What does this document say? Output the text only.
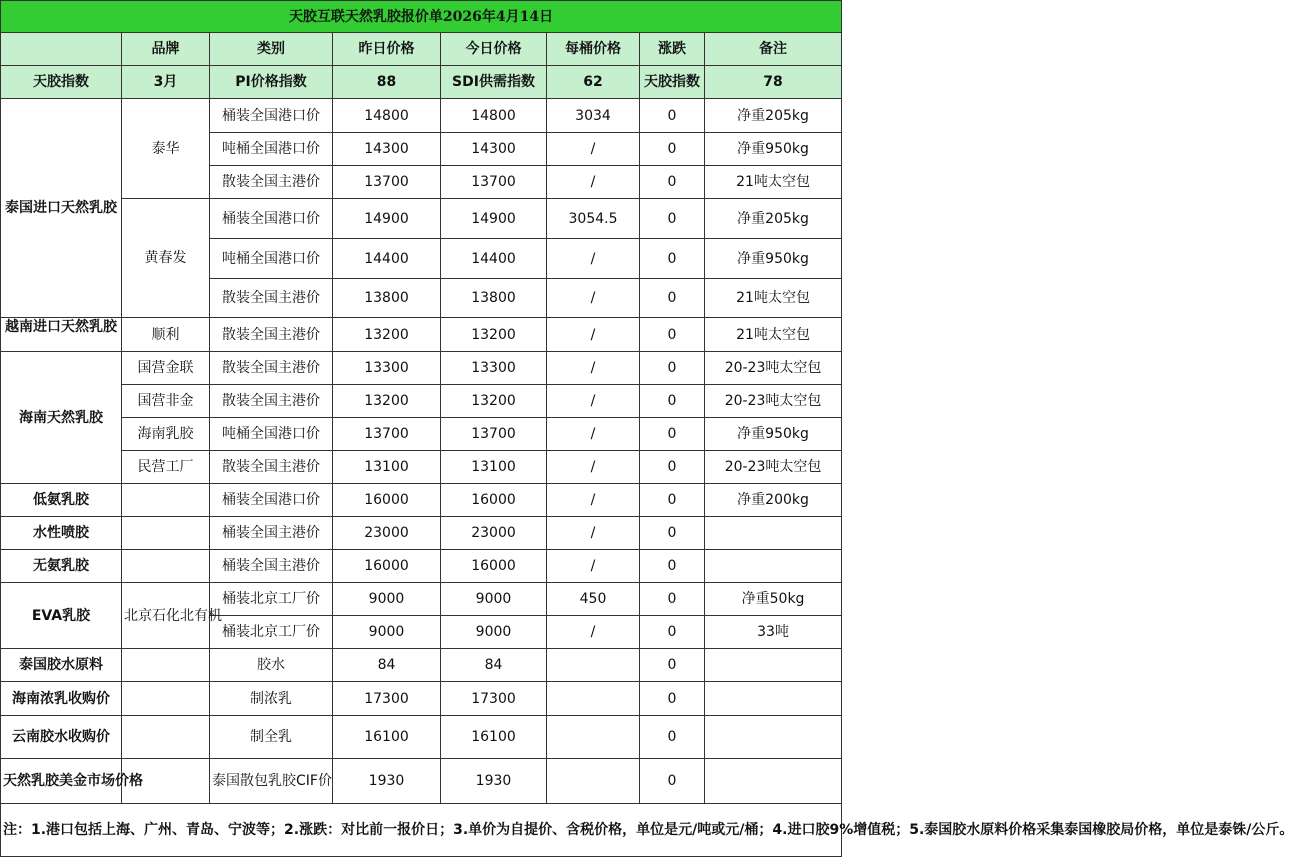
天胶互联天然乳胶报价单2026年4月14日							
	品牌	类别	昨日价格	今日价格	每桶价格	涨跌	备注
天胶指数	3月	PI价格指数	88	SDI供需指数	62	天胶指数	78
泰国进口天然乳胶	泰华	桶装全国港口价	14800	14800	3034	0	净重205kg
		吨桶全国港口价	14300	14300	/	0	净重950kg
		散装全国主港价	13700	13700	/	0	21吨太空包
	黄春发	桶装全国港口价	14900	14900	3054.5	0	净重205kg
		吨桶全国港口价	14400	14400	/	0	净重950kg
		散装全国主港价	13800	13800	/	0	21吨太空包

越南进口天然乳胶	顺利	散装全国主港价	13200	13200	/	0	21吨太空包
海南天然乳胶	国营金联	散装全国主港价	13300	13300	/	0	20-23吨太空包
	国营非金	散装全国主港价	13200	13200	/	0	20-23吨太空包
	海南乳胶	吨桶全国港口价	13700	13700	/	0	净重950kg
	民营工厂	散装全国主港价	13100	13100	/	0	20-23吨太空包
低氨乳胶		桶装全国港口价	16000	16000	/	0	净重200kg
水性喷胶		桶装全国主港价	23000	23000	/	0	
无氨乳胶		桶装全国主港价	16000	16000	/	0	
EVA乳胶	北京石化北有机	桶装北京工厂价	9000	9000	450	0	净重50kg
		桶装北京工厂价	9000	9000	/	0	33吨
泰国胶水原料		胶水	84	84		0	
海南浓乳收购价		制浓乳	17300	17300		0	
云南胶水收购价		制全乳	16100	16100		0	
天然乳胶美金市场价格		泰国散包乳胶CIF价	1930	1930		0	
注：1.港口包括上海、广州、青岛、宁波等；2.涨跌：对比前一报价日；3.单价为自提价、含税价格，单位是元/吨或元/桶；4.进口胶9%增值税；5.泰国胶水原料价格采集泰国橡胶局价格，单位是泰铢/公斤。							
